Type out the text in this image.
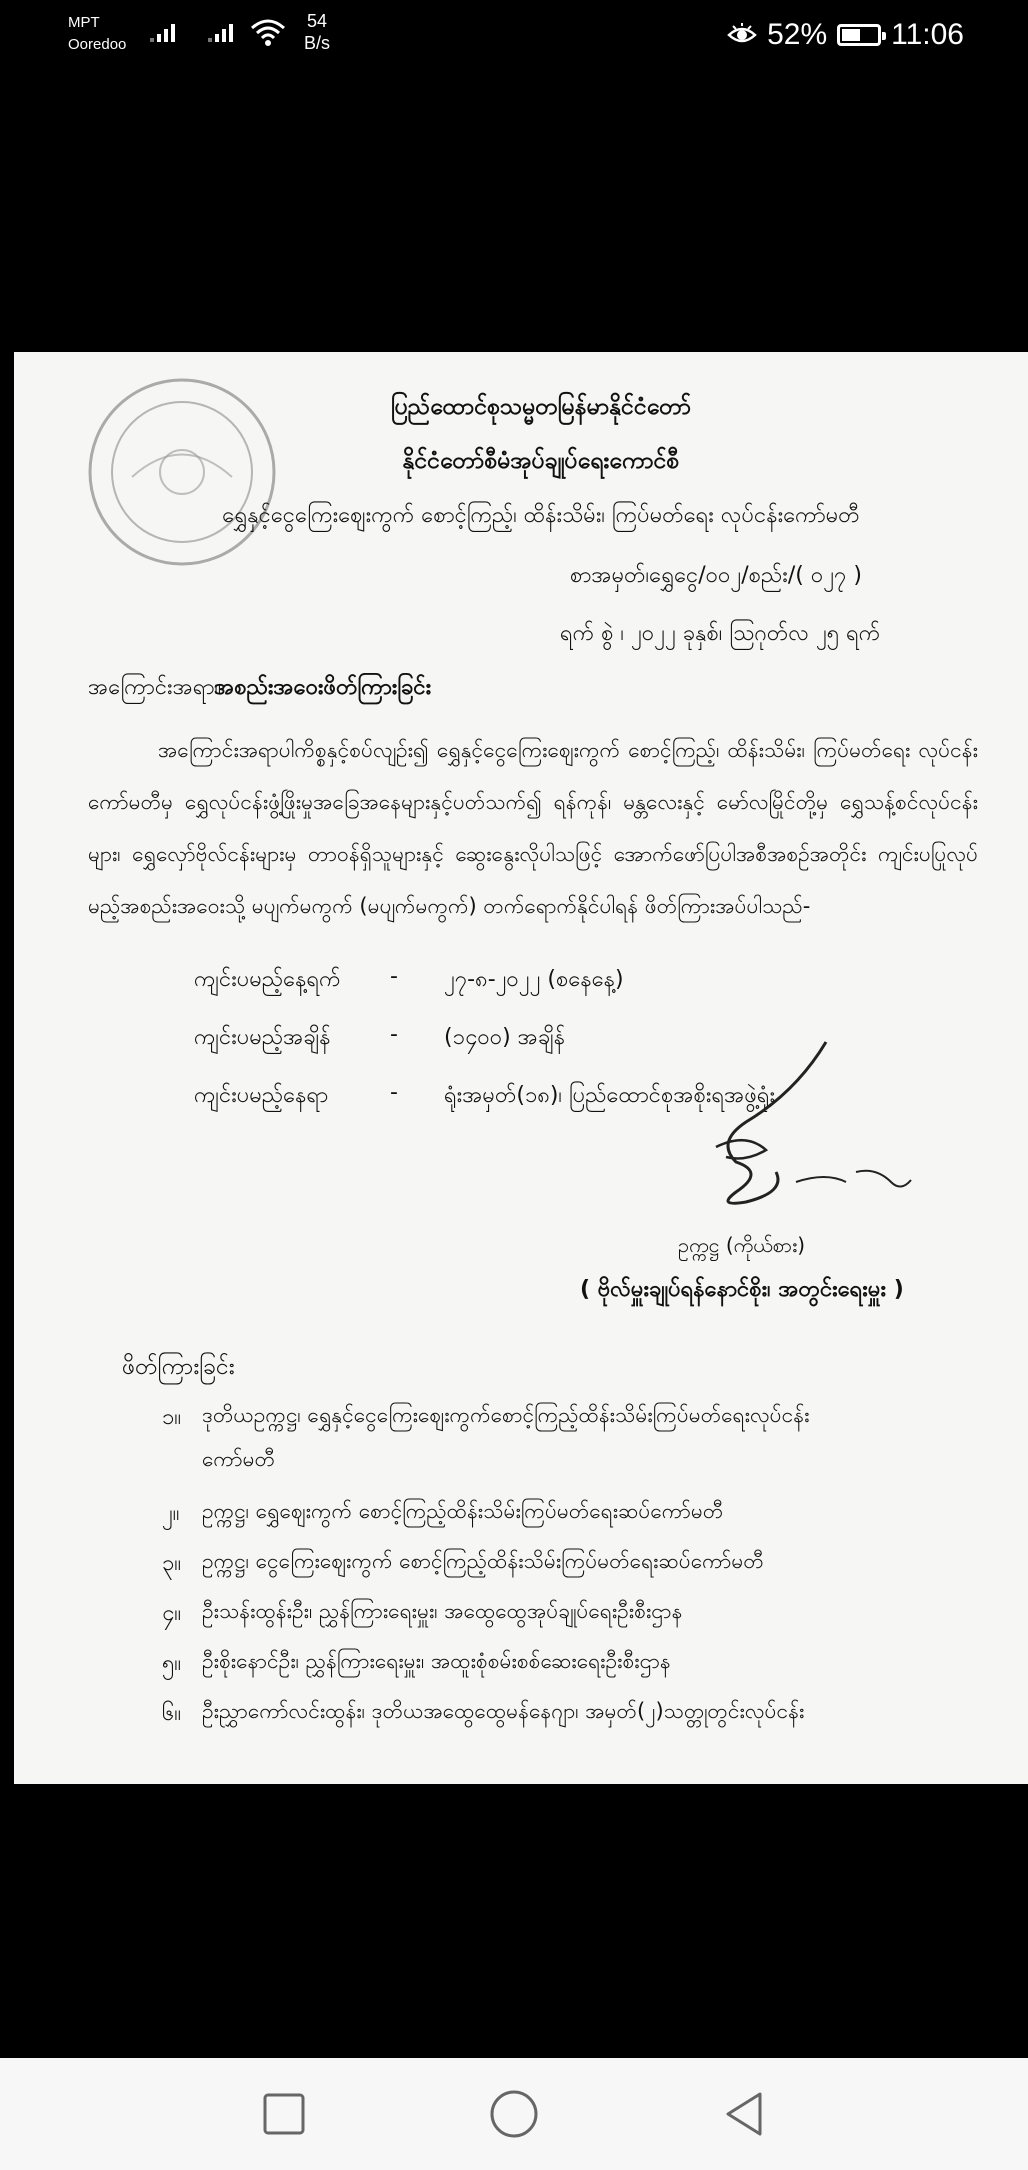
MPT
Ooredoo
54
B/s	52% 11:06
ပြည်ထောင်စုသမ္မတမြန်မာနိုင်ငံတော်
နိုင်ငံတော်စီမံအုပ်ချုပ်ရေးကောင်စီ
ရွှေနှင့်ငွေကြေးဈေးကွက် စောင့်ကြည့်၊ ထိန်းသိမ်း၊ ကြပ်မတ်ရေး လုပ်ငန်းကော်မတီ
စာအမှတ်၊ရွှေငွေ/၀၀၂/စည်း/( ၀၂၇ )
ရက် စွဲ ၊ ၂၀၂၂ ခုနှစ်၊ ဩဂုတ်လ ၂၅ ရက်
အကြောင်းအရာ။
အစည်းအဝေးဖိတ်ကြားခြင်း
အကြောင်းအရာပါကိစ္စနှင့်စပ်လျဉ်း၍ ရွှေနှင့်ငွေကြေးဈေးကွက် စောင့်ကြည့်၊ ထိန်းသိမ်း၊ ကြပ်မတ်ရေး လုပ်ငန်းကော်မတီမှ ရွှေလုပ်ငန်းဖွံ့ဖြိုးမှုအခြေအနေများနှင့်ပတ်သက်၍ ရန်ကုန်၊ မန္တလေးနှင့် မော်လမြိုင်တို့မှ ရွှေသန့်စင်လုပ်ငန်းများ၊ ရွှေလှော်ဗိုလ်ငန်းများမှ တာဝန်ရှိသူများနှင့် ဆွေးနွေးလိုပါသဖြင့် အောက်ဖော်ပြပါအစီအစဉ်အတိုင်း ကျင်းပပြုလုပ်မည့်အစည်းအဝေးသို့ မပျက်မကွက် (မပျက်မကွက်) တက်ရောက်နိုင်ပါရန် ဖိတ်ကြားအပ်ပါသည်-
ကျင်းပမည့်နေ့ရက် - ၂၇-၈-၂၀၂၂ (စနေနေ့)
ကျင်းပမည့်အချိန်	- (၁၄၀၀) အချိန်
ကျင်းပမည့်နေရာ	- ရုံးအမှတ်(၁၈)၊ ပြည်ထောင်စုအစိုးရအဖွဲ့ရုံး
ဥက္ကဋ္ဌ (ကိုယ်စား)
( ဗိုလ်မှူးချုပ်ရန်နောင်စိုး၊ အတွင်းရေးမှူး )
ဖိတ်ကြားခြင်း
၁။ ဒုတိယဥက္ကဋ္ဌ၊ ရွှေနှင့်ငွေကြေးဈေးကွက်စောင့်ကြည့်ထိန်းသိမ်းကြပ်မတ်ရေးလုပ်ငန်း
ကော်မတီ
၂။ ဥက္ကဋ္ဌ၊ ရွှေဈေးကွက် စောင့်ကြည့်ထိန်းသိမ်းကြပ်မတ်ရေးဆပ်ကော်မတီ
၃။ ဥက္ကဋ္ဌ၊ ငွေကြေးဈေးကွက် စောင့်ကြည့်ထိန်းသိမ်းကြပ်မတ်ရေးဆပ်ကော်မတီ
၄။ ဦးသန်းထွန်းဦး၊ ညွှန်ကြားရေးမှူး၊ အထွေထွေအုပ်ချုပ်ရေးဦးစီးဌာန
၅။ ဦးစိုးနောင်ဦး၊ ညွှန်ကြားရေးမှူး၊ အထူးစုံစမ်းစစ်ဆေးရေးဦးစီးဌာန
၆။ ဦးညွှာကော်လင်းထွန်း၊ ဒုတိယအထွေထွေမန်နေဂျာ၊ အမှတ်(၂)သတ္တုတွင်းလုပ်ငန်း
